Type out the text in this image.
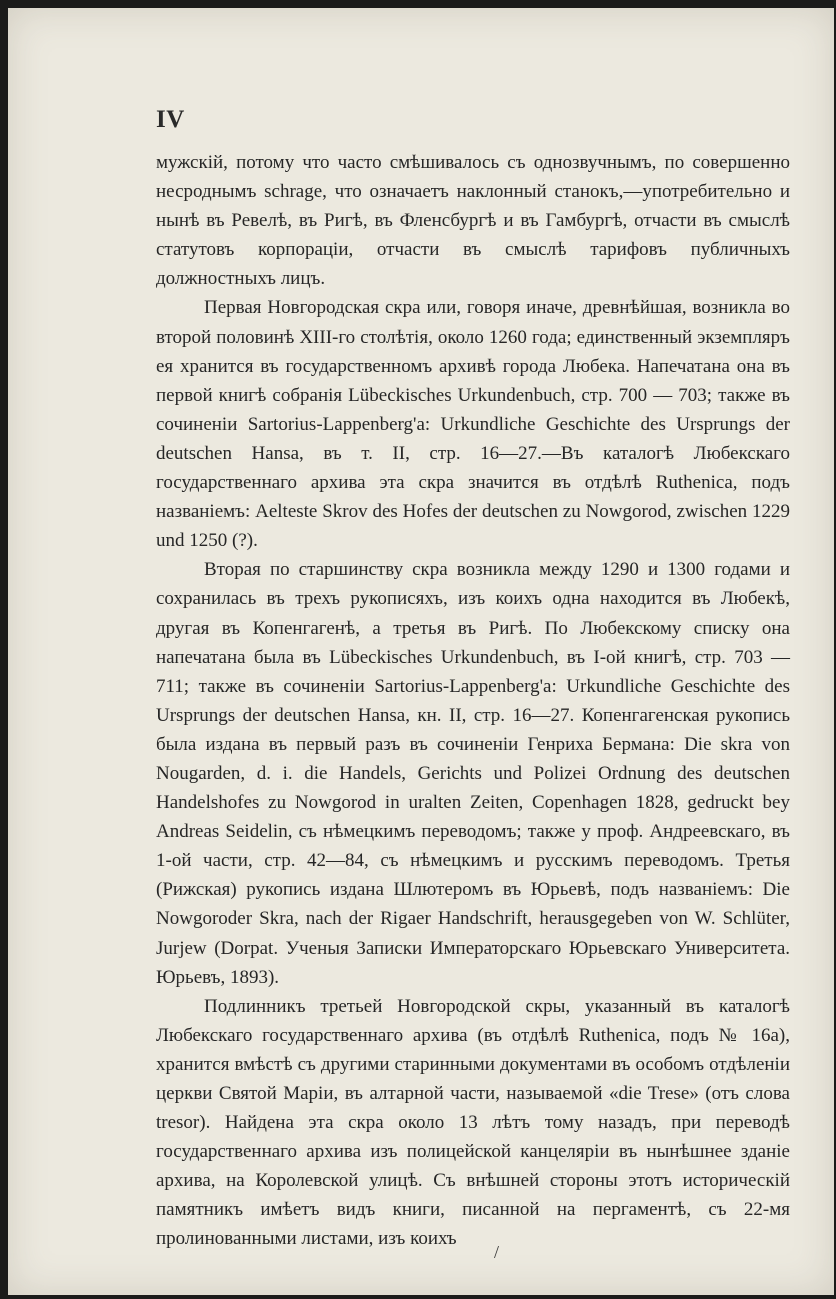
IV

мужскій, потому что часто смѣшивалось съ однозвучнымъ, по совершенно несроднымъ schrage, что означаетъ наклонный станокъ,—употребительно и нынѣ въ Ревелѣ, въ Ригѣ, въ Фленсбургѣ и въ Гамбургѣ, отчасти въ смыслѣ статутовъ корпораціи, отчасти въ смыслѣ тарифовъ публичныхъ должностныхъ лицъ.

Первая Новгородская скра или, говоря иначе, древнѣйшая, возникла во второй половинѣ XIII-го столѣтія, около 1260 года; единственный экземпляръ ея хранится въ государственномъ архивѣ города Любека. Напечатана она въ первой книгѣ собранія Lübeckisches Urkundenbuch, стр. 700 — 703; также въ сочиненіи Sartorius-Lappenberg'a: Urkundliche Geschichte des Ursprungs der deutschen Hansa, въ т. II, стр. 16—27.—Въ каталогѣ Любекскаго государственнаго архива эта скра значится въ отдѣлѣ Ruthenica, подъ названіемъ: Aelteste Skrov des Hofes der deutschen zu Nowgorod, zwischen 1229 und 1250 (?).

Вторая по старшинству скра возникла между 1290 и 1300 годами и сохранилась въ трехъ рукописяхъ, изъ коихъ одна находится въ Любекѣ, другая въ Копенгагенѣ, а третья въ Ригѣ. По Любекскому списку она напечатана была въ Lübeckisches Urkundenbuch, въ I-ой книгѣ, стр. 703 — 711; также въ сочиненіи Sartorius-Lappenberg'a: Urkundliche Geschichte des Ursprungs der deutschen Hansa, кн. II, стр. 16—27. Копенгагенская рукопись была издана въ первый разъ въ сочиненіи Генриха Бермана: Die skra von Nougarden, d. i. die Handels, Gerichts und Polizei Ordnung des deutschen Handelshofes zu Nowgorod in uralten Zeiten, Copenhagen 1828, gedruckt bey Andreas Seidelin, съ нѣмецкимъ переводомъ; также у проф. Андреевскаго, въ 1-ой части, стр. 42—84, съ нѣмецкимъ и русскимъ переводомъ. Третья (Рижская) рукопись издана Шлютеромъ въ Юрьевѣ, подъ названіемъ: Die Nowgoroder Skra, nach der Rigaer Handschrift, herausgegeben von W. Schlüter, Jurjew (Dorpat. Ученыя Записки Императорскаго Юрьевскаго Университета. Юрьевъ, 1893).

Подлинникъ третьей Новгородской скры, указанный въ каталогѣ Любекскаго государственнаго архива (въ отдѣлѣ Ruthenica, подъ № 16a), хранится вмѣстѣ съ другими старинными документами въ особомъ отдѣленіи церкви Святой Маріи, въ алтарной части, называемой «die Trese» (отъ слова tresor). Найдена эта скра около 13 лѣтъ тому назадъ, при переводѣ государственнаго архива изъ полицейской канцеляріи въ нынѣшнее зданіе архива, на Королевской улицѣ. Съ внѣшней стороны этотъ историческій памятникъ имѣетъ видъ книги, писанной на пергаментѣ, съ 22-мя пролинованными листами, изъ коихъ

/
